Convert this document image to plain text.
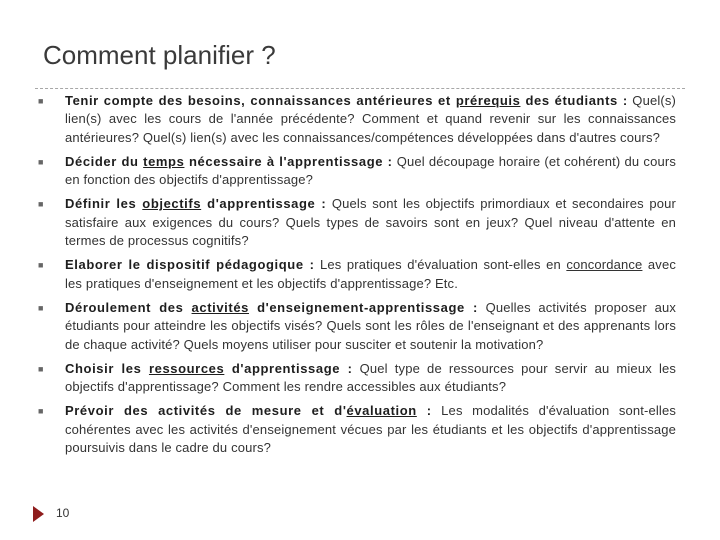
Comment planifier ?
■ Tenir compte des besoins, connaissances antérieures et prérequis des étudiants : Quel(s) lien(s) avec les cours de l'année précédente? Comment et quand revenir sur les connaissances antérieures? Quel(s) lien(s) avec les connaissances/compétences développées dans d'autres cours?
■ Décider du temps nécessaire à l'apprentissage : Quel découpage horaire (et cohérent) du cours en fonction des objectifs d'apprentissage?
■ Définir les objectifs d'apprentissage : Quels sont les objectifs primordiaux et secondaires pour satisfaire aux exigences du cours? Quels types de savoirs sont en jeux? Quel niveau d'attente en termes de processus cognitifs?
■ Elaborer le dispositif pédagogique : Les pratiques d'évaluation sont-elles en concordance avec les pratiques d'enseignement et les objectifs d'apprentissage? Etc.
■ Déroulement des activités d'enseignement-apprentissage : Quelles activités proposer aux étudiants pour atteindre les objectifs visés? Quels sont les rôles de l'enseignant et des apprenants lors de chaque activité? Quels moyens utiliser pour susciter et soutenir la motivation?
■ Choisir les ressources d'apprentissage : Quel type de ressources pour servir au mieux les objectifs d'apprentissage? Comment les rendre accessibles aux étudiants?
■ Prévoir des activités de mesure et d'évaluation : Les modalités d'évaluation sont-elles cohérentes avec les activités d'enseignement vécues par les étudiants et les objectifs d'apprentissage poursuivis dans le cadre du cours?
10
